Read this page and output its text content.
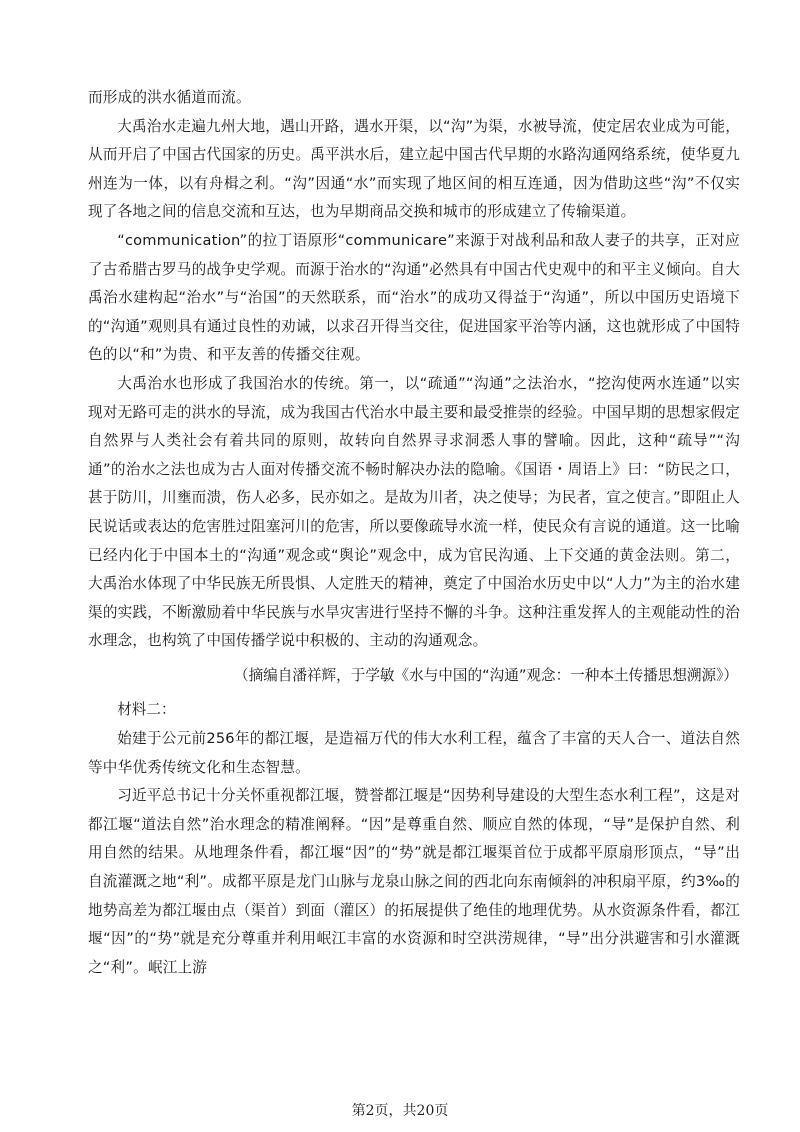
而形成的洪水循道而流。

大禹治水走遍九州大地，遇山开路，遇水开渠，以“沟”为渠，水被导流，使定居农业成为可能，从而开启了中国古代国家的历史。禹平洪水后，建立起中国古代早期的水路沟通网络系统，使华夏九州连为一体，以有舟楫之利。“沟”因通“水”而实现了地区间的相互连通，因为借助这些“沟”不仅实现了各地之间的信息交流和互达，也为早期商品交换和城市的形成建立了传输渠道。

“communication”的拉丁语原形“communicare”来源于对战利品和敌人妻子的共享，正对应了古希腊古罗马的战争史学观。而源于治水的“沟通”必然具有中国古代史观中的和平主义倾向。自大禹治水建构起“治水”与“治国”的天然联系，而“治水”的成功又得益于“沟通”，所以中国历史语境下的“沟通”观则具有通过良性的劝诫，以求召开得当交往，促进国家平治等内涵，这也就形成了中国特色的以“和”为贵、和平友善的传播交往观。

大禹治水也形成了我国治水的传统。第一，以“疏通”“沟通”之法治水，“挖沟使两水连通”以实现对无路可走的洪水的导流，成为我国古代治水中最主要和最受推崇的经验。中国早期的思想家假定自然界与人类社会有着共同的原则，故转向自然界寻求洞悉人事的譬喻。因此，这种“疏导”“沟通”的治水之法也成为古人面对传播交流不畅时解决办法的隐喻。《国语・周语上》曰：“防民之口，甚于防川，川壅而溃，伤人必多，民亦如之。是故为川者，决之使导；为民者，宣之使言。”即阻止人民说话或表达的危害胜过阻塞河川的危害，所以要像疏导水流一样，使民众有言说的通道。这一比喻已经内化于中国本土的“沟通”观念或“舆论”观念中，成为官民沟通、上下交通的黄金法则。第二，大禹治水体现了中华民族无所畏惧、人定胜天的精神，奠定了中国治水历史中以“人力”为主的治水建渠的实践，不断激励着中华民族与水旱灾害进行坚持不懈的斗争。这种注重发挥人的主观能动性的治水理念，也构筑了中国传播学说中积极的、主动的沟通观念。

（摘编自潘祥辉，于学敏《水与中国的“沟通”观念：一种本土传播思想溯源》）

材料二：

始建于公元前256年的都江堰，是造福万代的伟大水利工程，蕴含了丰富的天人合一、道法自然等中华优秀传统文化和生态智慧。

习近平总书记十分关怀重视都江堰，赞誉都江堰是“因势利导建设的大型生态水利工程”，这是对都江堰“道法自然”治水理念的精准阐释。“因”是尊重自然、顺应自然的体现，“导”是保护自然、利用自然的结果。从地理条件看，都江堰“因”的“势”就是都江堰渠首位于成都平原扇形顶点，“导”出自流灌溉之地“利”。成都平原是龙门山脉与龙泉山脉之间的西北向东南倾斜的冲积扇平原，约3‰的地势高差为都江堰由点（渠首）到面（灌区）的拓展提供了绝佳的地理优势。从水资源条件看，都江堰“因”的“势”就是充分尊重并利用岷江丰富的水资源和时空洪涝规律，“导”出分洪避害和引水灌溉之“利”。岷江上游

第2页，共20页
